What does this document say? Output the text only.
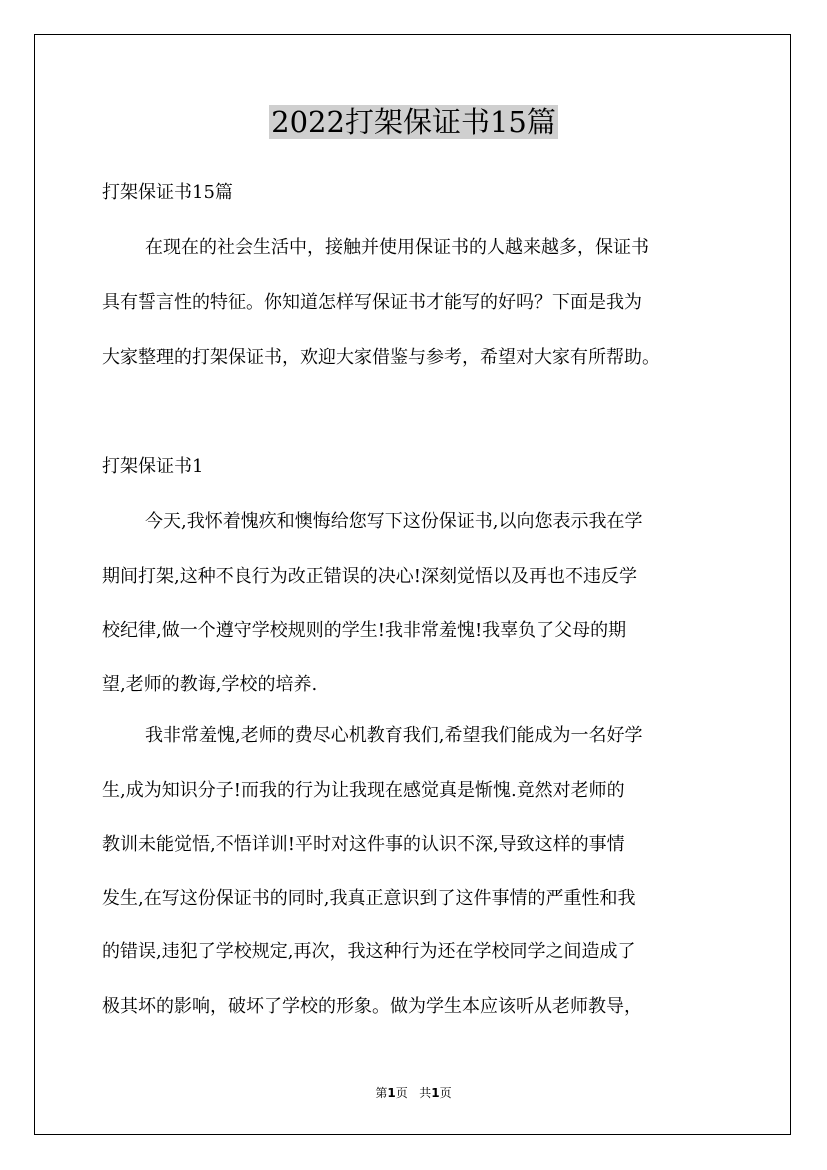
2022打架保证书15篇
打架保证书15篇
在现在的社会生活中，接触并使用保证书的人越来越多，保证书
具有誓言性的特征。你知道怎样写保证书才能写的好吗？下面是我为
大家整理的打架保证书，欢迎大家借鉴与参考，希望对大家有所帮助。
打架保证书1
今天,我怀着愧疚和懊悔给您写下这份保证书,以向您表示我在学
期间打架,这种不良行为改正错误的决心!深刻觉悟以及再也不违反学
校纪律,做一个遵守学校规则的学生!我非常羞愧!我辜负了父母的期
望,老师的教诲,学校的培养.
我非常羞愧,老师的费尽心机教育我们,希望我们能成为一名好学
生,成为知识分子!而我的行为让我现在感觉真是惭愧.竟然对老师的
教训未能觉悟,不悟详训!平时对这件事的认识不深,导致这样的事情
发生,在写这份保证书的同时,我真正意识到了这件事情的严重性和我
的错误,违犯了学校规定,再次，我这种行为还在学校同学之间造成了
极其坏的影响，破坏了学校的形象。做为学生本应该听从老师教导，
第1页 共1页
